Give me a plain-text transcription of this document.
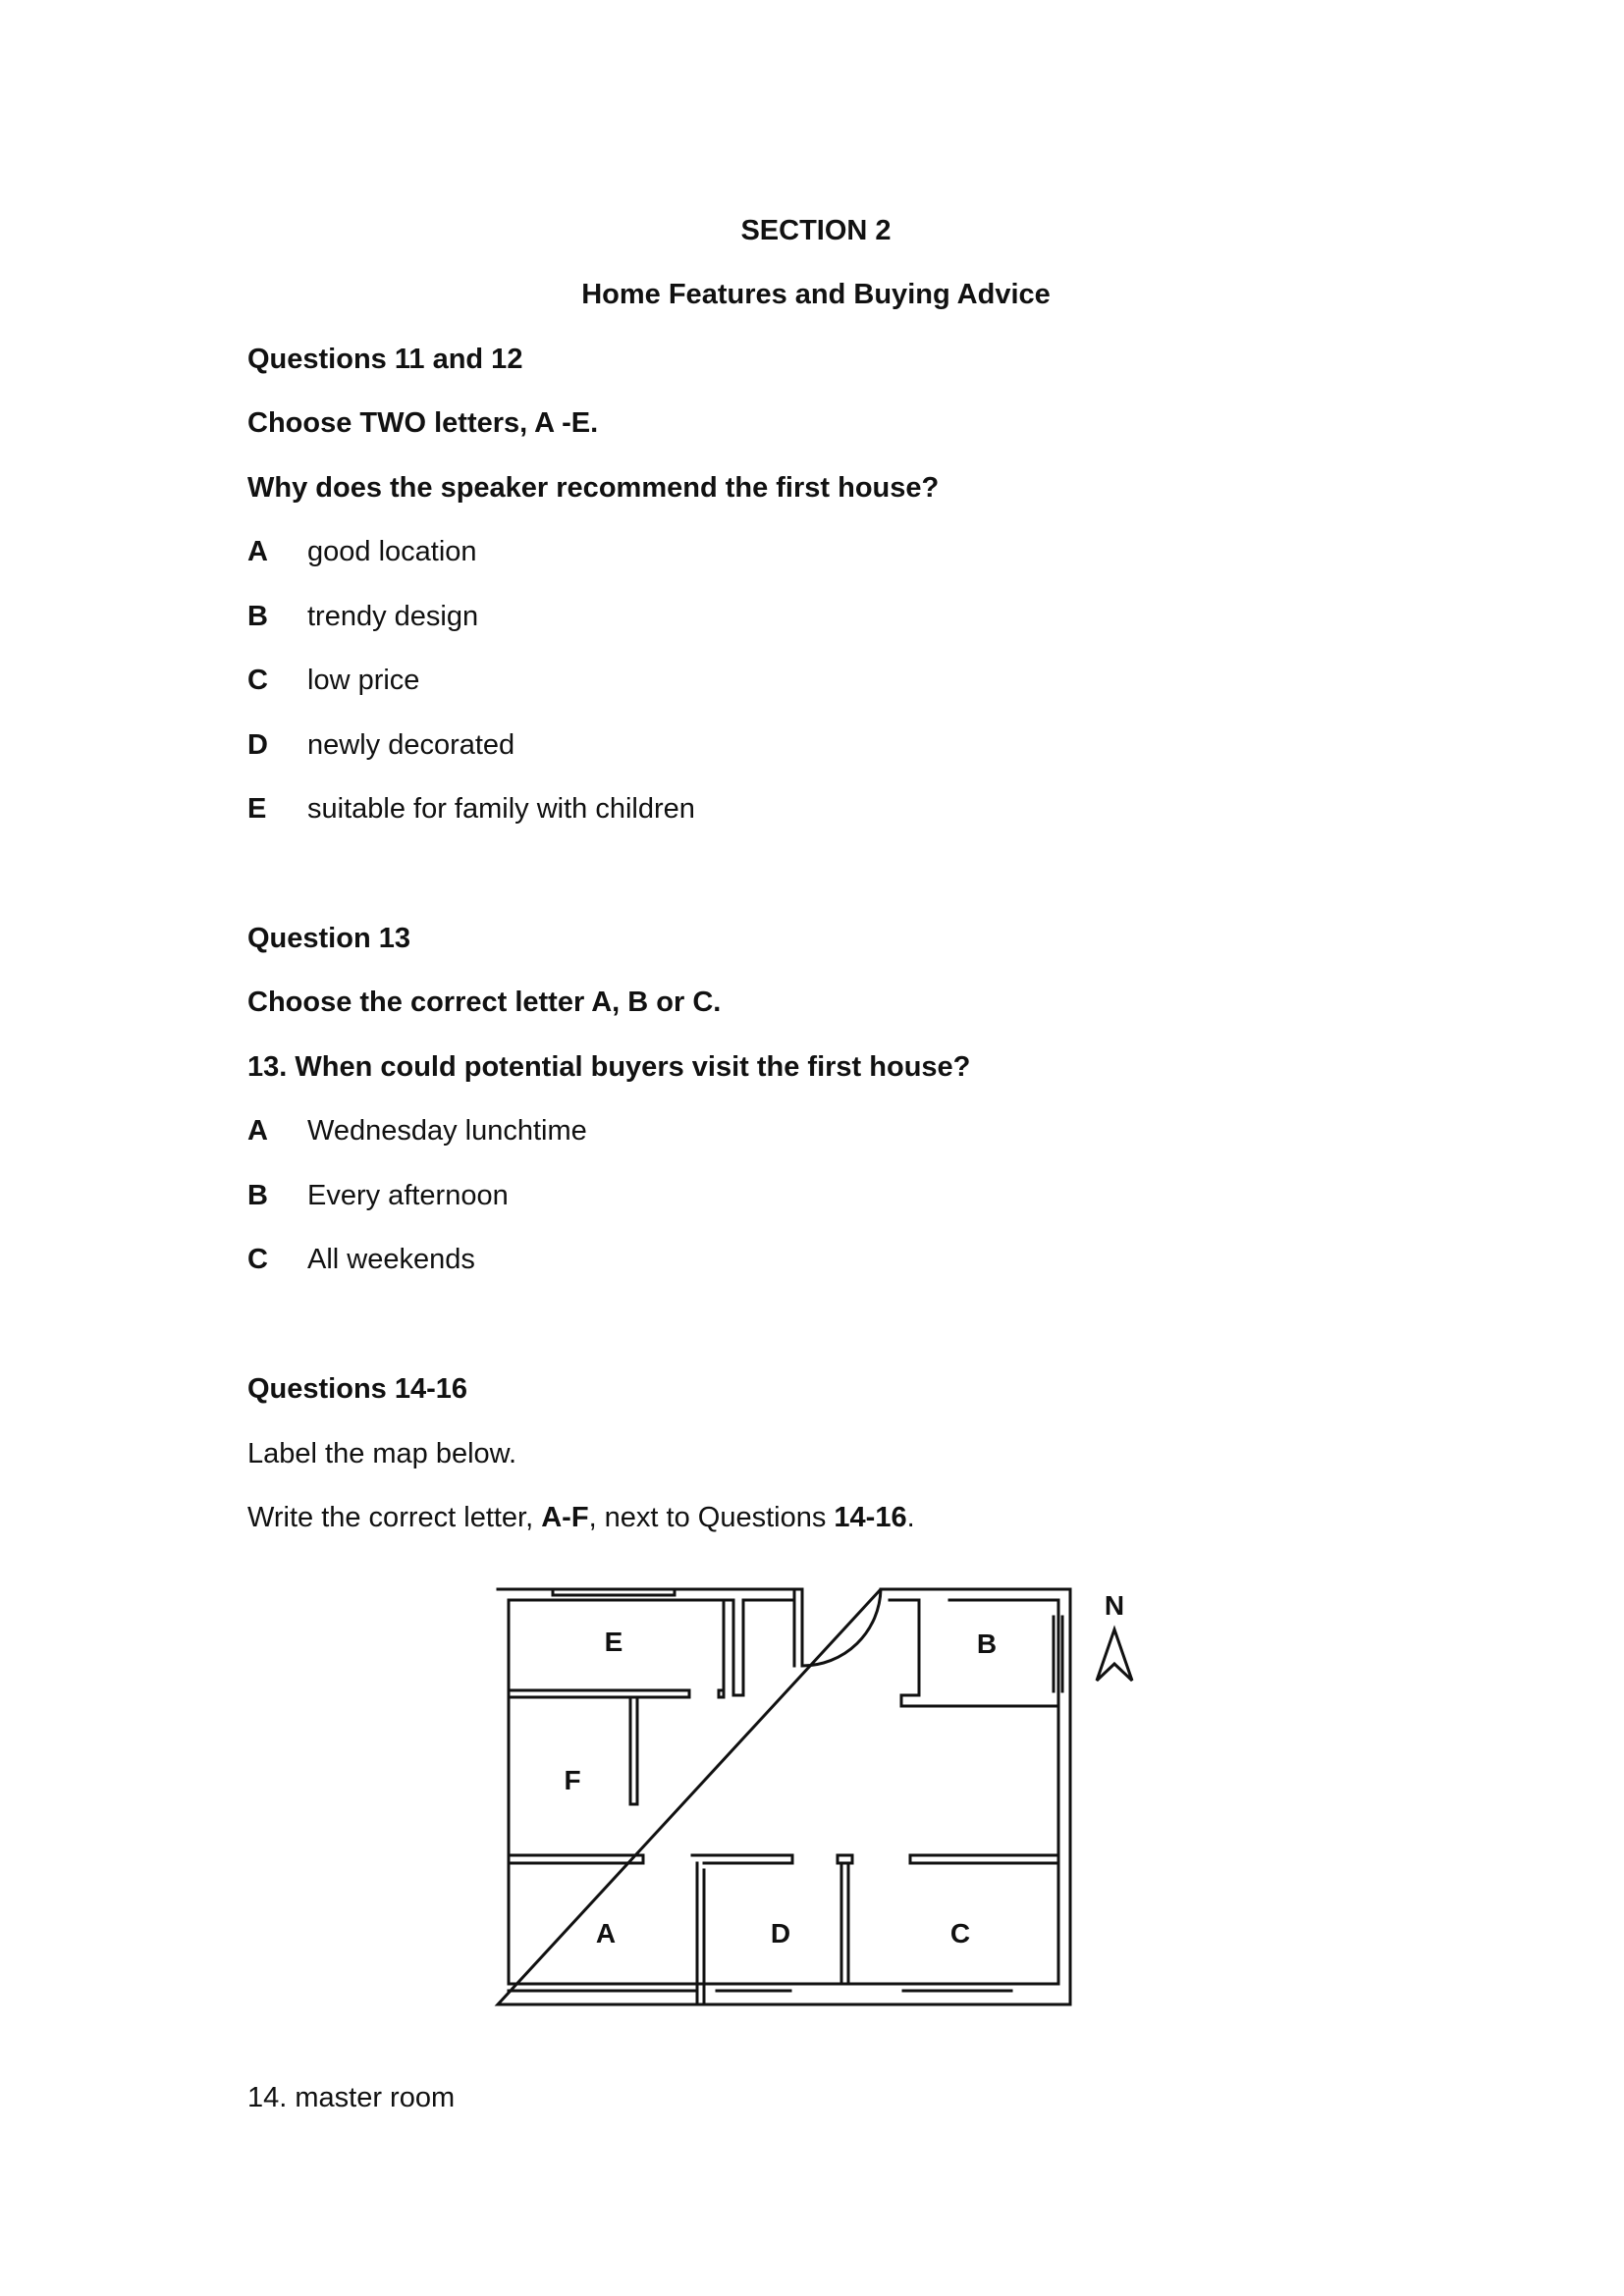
SECTION 2
Home Features and Buying Advice
Questions 11 and 12
Choose TWO letters, A -E.
Why does the speaker recommend the first house?
A good location
B trendy design
C low price
D newly decorated
E suitable for family with children
Question 13
Choose the correct letter A, B or C.
13. When could potential buyers visit the first house?
A Wednesday lunchtime
B Every afternoon
C All weekends
Questions 14-16
Label the map below.
Write the correct letter, A-F, next to Questions 14-16.
N
E	B
F
A	D	C
14. master room
